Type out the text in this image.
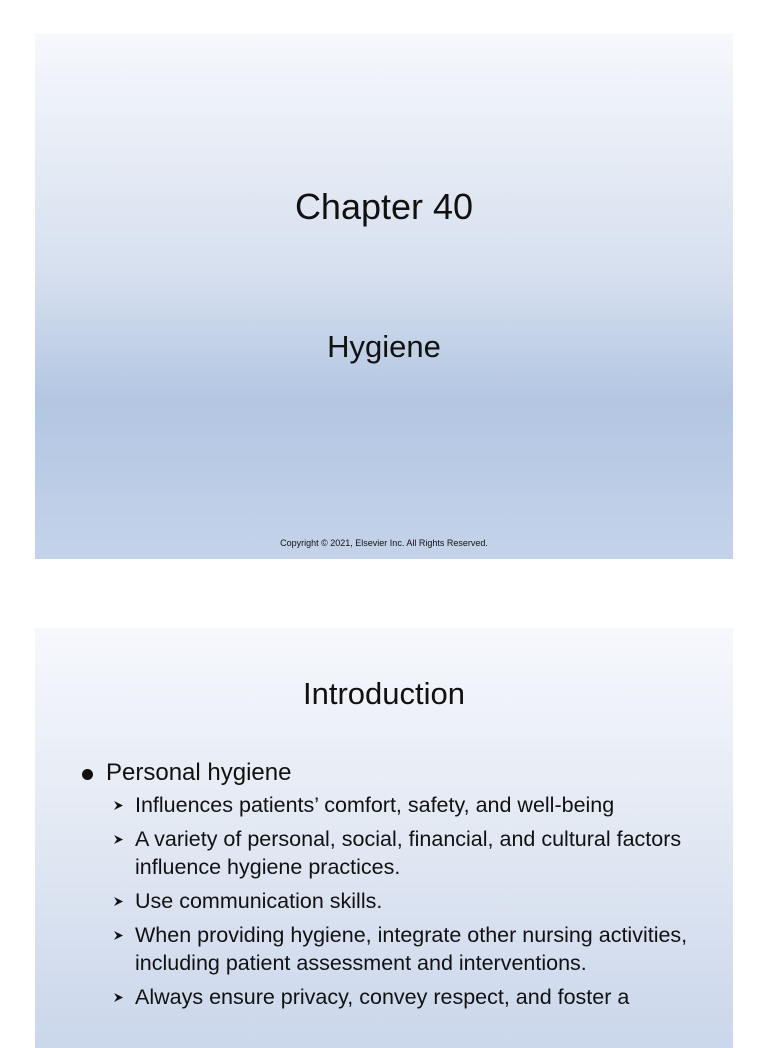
Chapter 40
Hygiene
Copyright © 2021, Elsevier Inc. All Rights Reserved.
Introduction
Personal hygiene
Influences patients’ comfort, safety, and well-being
A variety of personal, social, financial, and cultural factors influence hygiene practices.
Use communication skills.
When providing hygiene, integrate other nursing activities, including patient assessment and interventions.
Always ensure privacy, convey respect, and foster a
